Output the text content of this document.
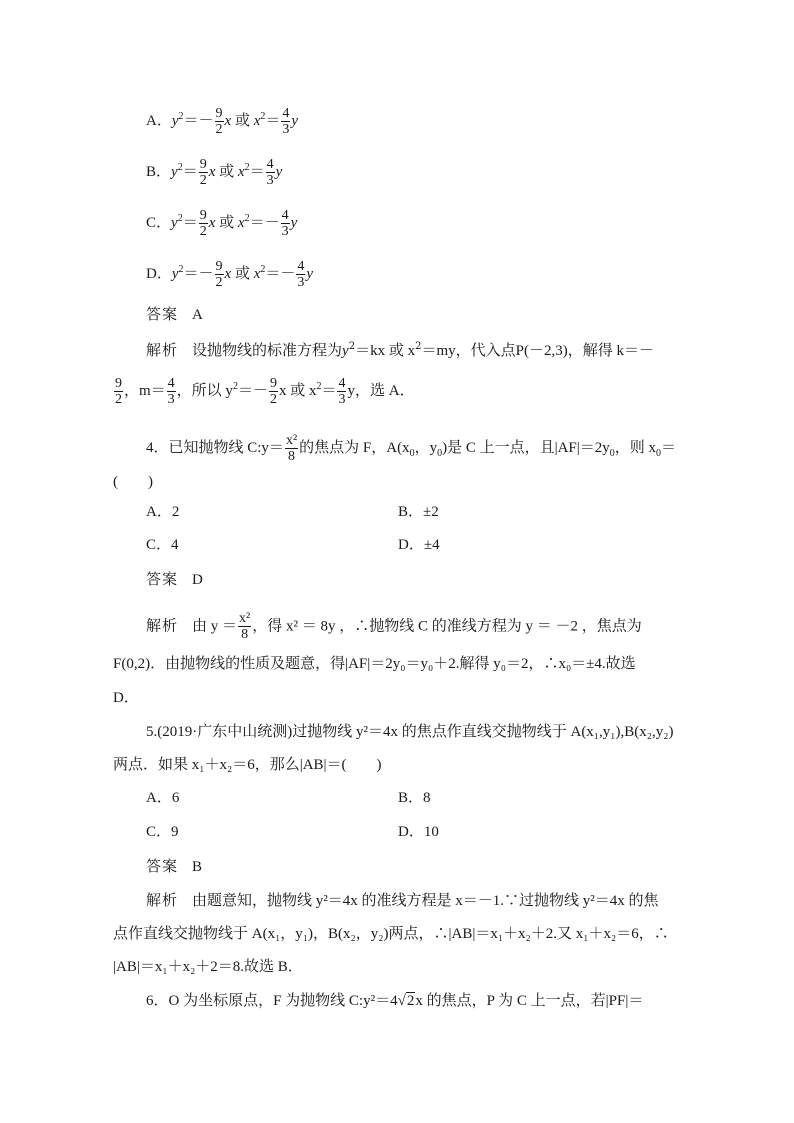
A．$y^2=- \frac{9}{2}$ x 或 $x^2= \frac{4}{3}$ y
B．$y^2= \frac{9}{2}$ x 或 $x^2= \frac{4}{3}$ y
C．$y^2= \frac{9}{2}$ x 或 $x^2=- \frac{4}{3}$ y
D．$y^2=- \frac{9}{2}$ x 或 $x^2=- \frac{4}{3}$ y
答案 A
解析 设抛物线的标准方程为$y^2=kx$ 或 $x^2=my$，代入点P(－2,3)，解得 k＝－
$\frac{9}{2}$ ，$m= \frac{4}{3}$ ，所以 $y^2=- \frac{9}{2}$ x 或 $x^2= \frac{4}{3}$ y，选 A．
4．已知抛物线 C:y＝ $\frac{\text{x²}}{8}$ 的焦点为 F，$A(x_0$，$y_0$)是 C 上一点，且$|AF|=2y_0$，则 $x_0=$
(　　)
A．2	B．±2
C．4	D．±4
答案 D
解析 由 $y = \frac{\text{x²}}{8}$ ，得 x² ＝ 8y ，∴抛物线 C 的准线方程为 y ＝ －2 ，焦点为
F(0,2)．由抛物线的性质及题意，得|AF|＝2y₀＝y₀＋2.解得 y₀＝2，∴x₀＝±4.故选
D．
5.(2019·广东中山统测)过抛物线 y²＝4x 的焦点作直线交抛物线于 A(x₁,y₁),B(x₂,y₂)
两点．如果 x₁＋x₂＝6，那么|AB|＝(　　)
A．6	B．8
C．9	D．10
答案 B
解析 由题意知，抛物线 y²＝4x 的准线方程是 x＝－1.∵过抛物线 y²＝4x 的焦
点作直线交抛物线于 A(x₁，y₁)，B(x₂，y₂)两点，∴|AB|＝x₁＋x₂＋2.又 x₁＋x₂＝6，∴
|AB|＝x₁＋x₂＋2＝8.故选 B．
6．O 为坐标原点，F 为抛物线 C:y²＝4√2x 的焦点，P 为 C 上一点，若|PF|＝
